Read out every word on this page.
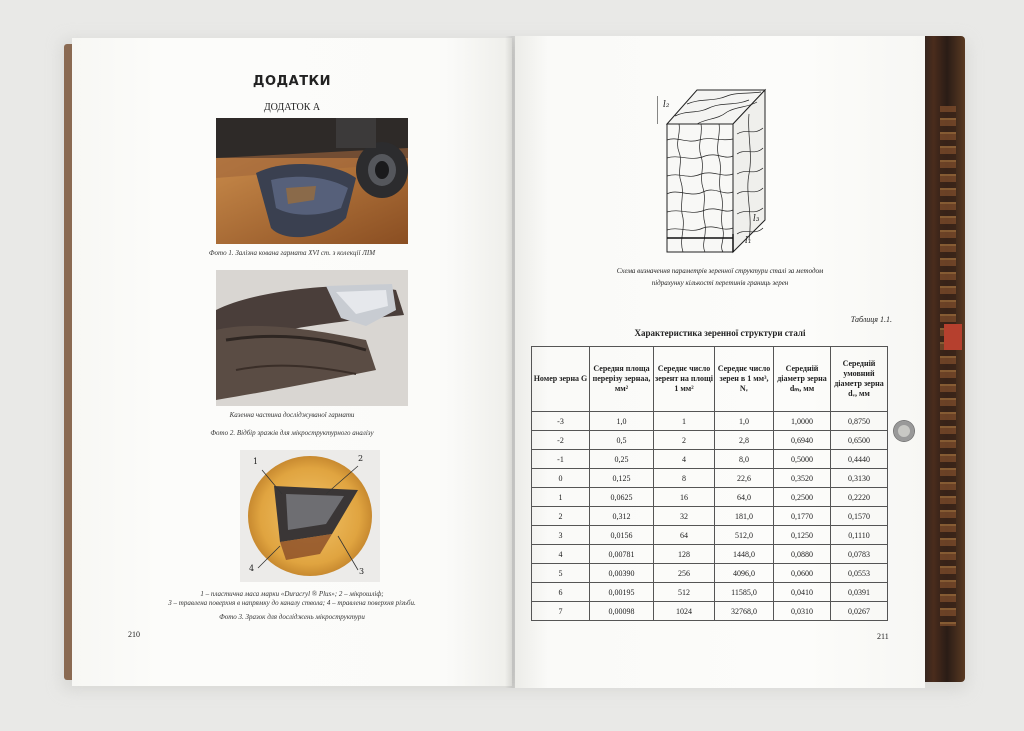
ДОДАТКИ
ДОДАТОК А
Фото 1. Залізна кована гармата XVI ст. з колекції ЛІМ
Казенна частина досліджуваної гармати
Фото 2. Відбір зразків для мікроструктурного аналізу
1	2
3
4
1 – пластична маса марки «Duracryl ® Plus»; 2 – мікрошліф;
3 – травлена поверхня в напрямку до каналу ствола; 4 – травлена поверхня різьби.
Фото 3. Зразок для досліджень мікроструктури
210
l₂
l₃
l₁
Схема визначення параметрів зеренної структури сталі за методом
підрахунку кількості перетинів границь зерен
Таблиця 1.1.
Характеристика зеренної структури сталі
Номер зерна G	Середня площа перерізу зернаа, мм²	Середнє число зерент на площі 1 мм²	Середнє число зерен в 1 мм³, Nᵥ	Середній діаметр зерна dₘ, мм	Середній умовний діаметр зерна dᵥ, мм
-3	1,0	1	1,0	1,0000	0,8750
-2	0,5	2	2,8	0,6940	0,6500
-1	0,25	4	8,0	0,5000	0,4440
0	0,125	8	22,6	0,3520	0,3130
1	0,0625	16	64,0	0,2500	0,2220
2	0,312	32	181,0	0,1770	0,1570
3	0,0156	64	512,0	0,1250	0,1110
4	0,00781	128	1448,0	0,0880	0,0783
5	0,00390	256	4096,0	0,0600	0,0553
6	0,00195	512	11585,0	0,0410	0,0391
7	0,00098	1024	32768,0	0,0310	0,0267
211
